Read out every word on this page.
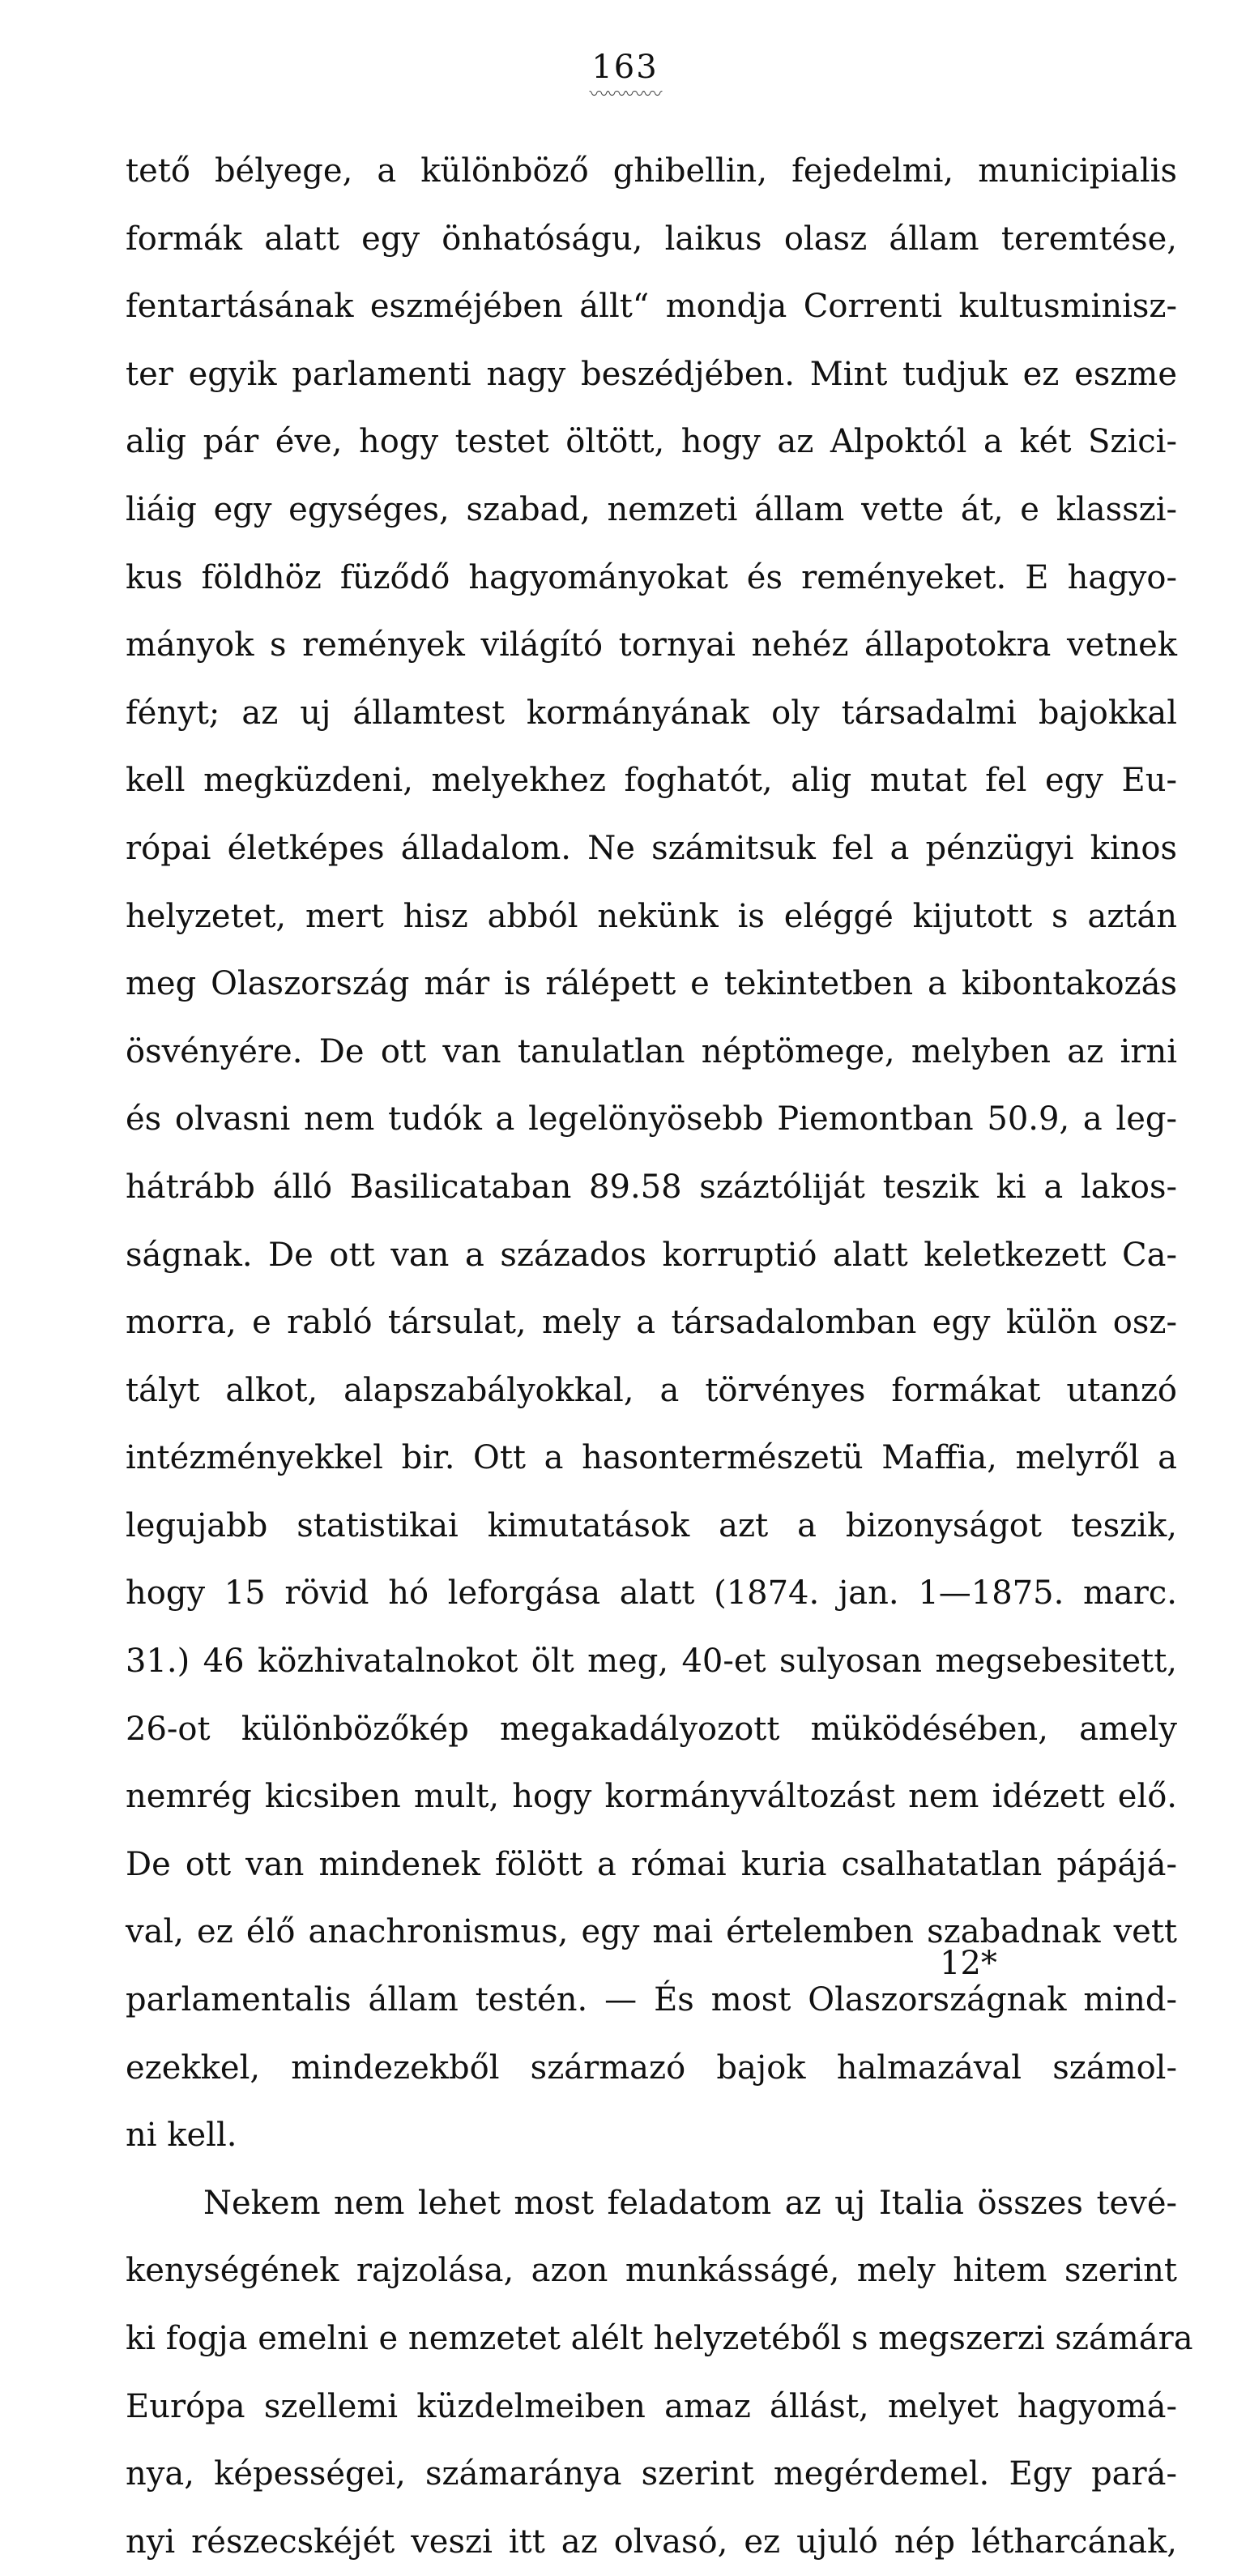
163
〰〰〰〰
tető bélyege, a különböző ghibellin, fejedelmi, municipialis
formák alatt egy önhatóságu, laikus olasz állam teremtése,
fentartásának eszméjében állt“ mondja Correnti kultusminisz-
ter egyik parlamenti nagy beszédjében. Mint tudjuk ez eszme
alig pár éve, hogy testet öltött, hogy az Alpoktól a két Szici-
liáig egy egységes, szabad, nemzeti állam vette át, e klasszi-
kus földhöz füződő hagyományokat és reményeket. E hagyo-
mányok s remények világító tornyai nehéz állapotokra vetnek
fényt; az uj államtest kormányának oly társadalmi bajokkal
kell megküzdeni, melyekhez foghatót, alig mutat fel egy Eu-
rópai életképes álladalom. Ne számitsuk fel a pénzügyi kinos
helyzetet, mert hisz abból nekünk is eléggé kijutott s aztán
meg Olaszország már is rálépett e tekintetben a kibontakozás
ösvényére. De ott van tanulatlan néptömege, melyben az irni
és olvasni nem tudók a legelönyösebb Piemontban 50.9, a leg-
hátrább álló Basilicataban 89.58 száztóliját teszik ki a lakos-
ságnak. De ott van a százados korruptió alatt keletkezett Ca-
morra, e rabló társulat, mely a társadalomban egy külön osz-
tályt alkot, alapszabályokkal, a törvényes formákat utanzó
intézményekkel bir. Ott a hasontermészetü Maffia, melyről a
legujabb statistikai kimutatások azt a bizonyságot teszik,
hogy 15 rövid hó leforgása alatt (1874. jan. 1—1875. marc.
31.) 46 közhivatalnokot ölt meg, 40-et sulyosan megsebesitett,
26-ot különbözőkép megakadályozott müködésében, amely
nemrég kicsiben mult, hogy kormányváltozást nem idézett elő.
De ott van mindenek fölött a római kuria csalhatatlan pápájá-
val, ez élő anachronismus, egy mai értelemben szabadnak vett
parlamentalis állam testén. — És most Olaszországnak mind-
ezekkel, mindezekből származó bajok halmazával számol-
ni kell.
Nekem nem lehet most feladatom az uj Italia összes tevé-
kenységének rajzolása, azon munkásságé, mely hitem szerint
ki fogja emelni e nemzetet alélt helyzetéből s megszerzi számára
Európa szellemi küzdelmeiben amaz állást, melyet hagyomá-
nya, képességei, számaránya szerint megérdemel. Egy pará-
nyi részecskéjét veszi itt az olvasó, ez ujuló nép létharcának,
12*
